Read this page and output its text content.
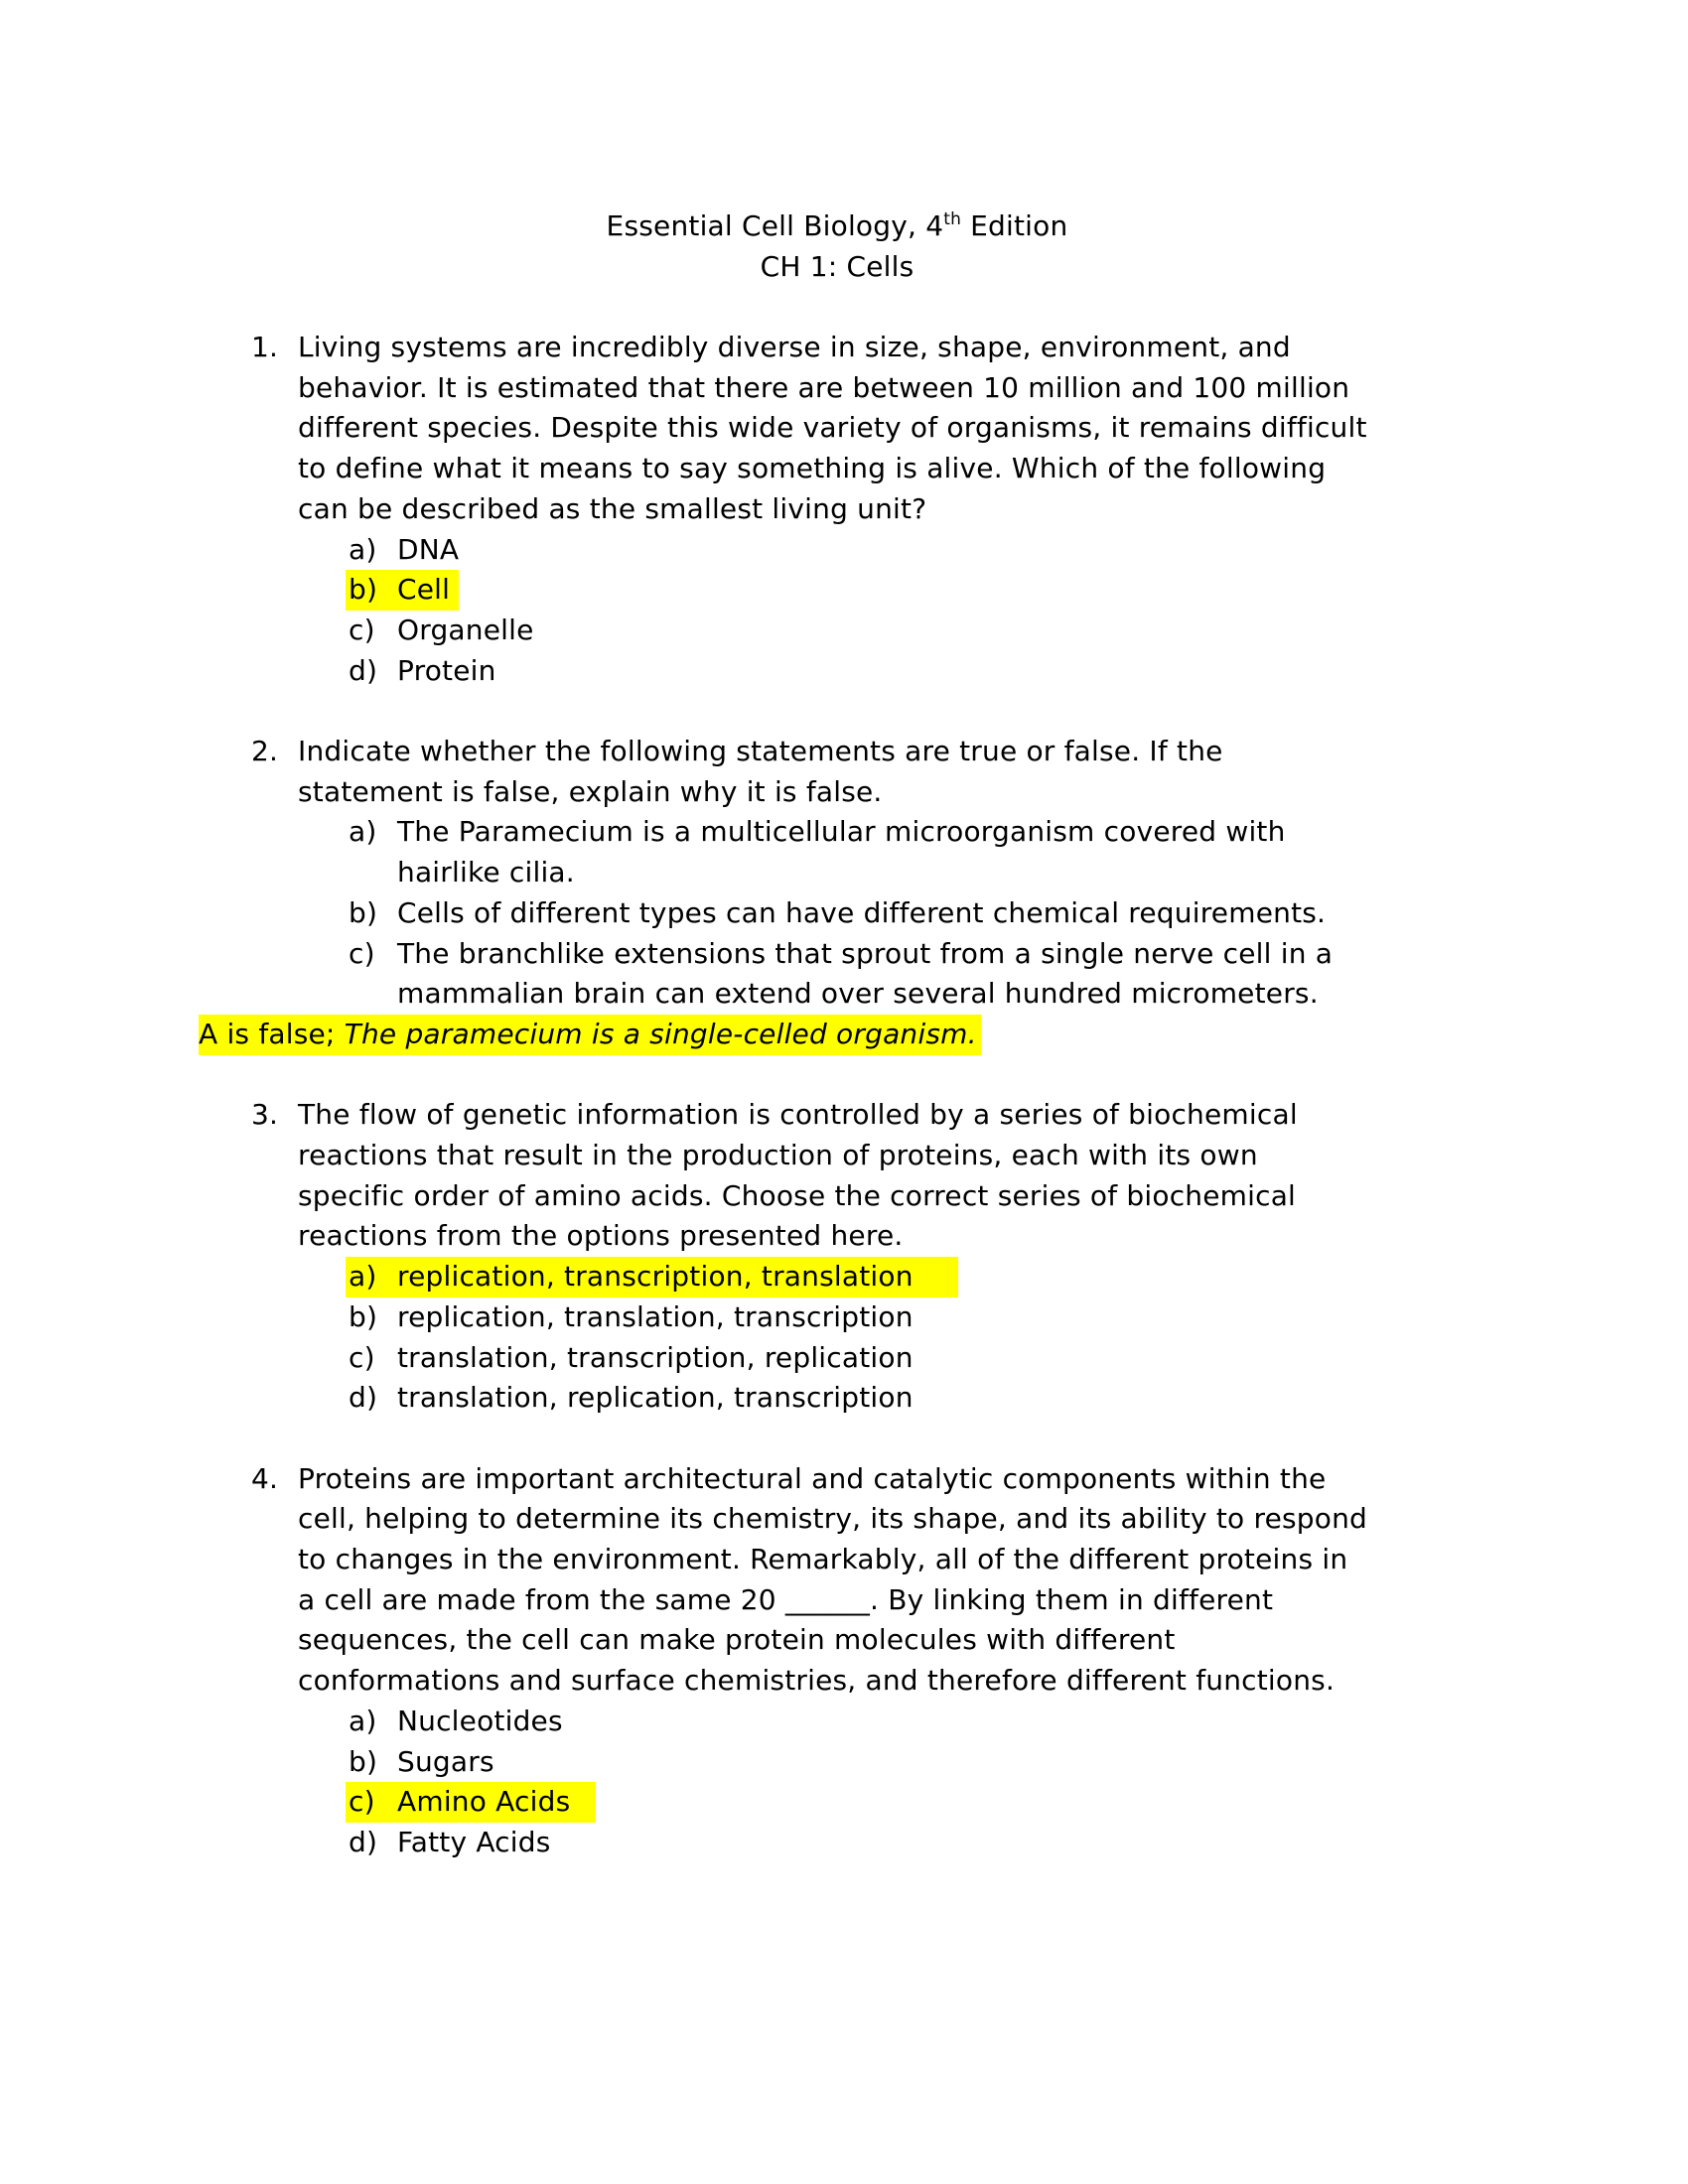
Essential Cell Biology, 4th Edition
CH 1: Cells
1. Living systems are incredibly diverse in size, shape, environment, and
behavior. It is estimated that there are between 10 million and 100 million
different species. Despite this wide variety of organisms, it remains difficult
to define what it means to say something is alive. Which of the following
can be described as the smallest living unit?
a) DNA
b) Cell
c) Organelle
d) Protein
2. Indicate whether the following statements are true or false. If the
statement is false, explain why it is false.
a) The Paramecium is a multicellular microorganism covered with
hairlike cilia.
b) Cells of different types can have different chemical requirements.
c) The branchlike extensions that sprout from a single nerve cell in a
mammalian brain can extend over several hundred micrometers.
A is false; The paramecium is a single-celled organism.
3. The flow of genetic information is controlled by a series of biochemical
reactions that result in the production of proteins, each with its own
specific order of amino acids. Choose the correct series of biochemical
reactions from the options presented here.
a) replication, transcription, translation
b) replication, translation, transcription
c) translation, transcription, replication
d) translation, replication, transcription
4. Proteins are important architectural and catalytic components within the
cell, helping to determine its chemistry, its shape, and its ability to respond
to changes in the environment. Remarkably, all of the different proteins in
a cell are made from the same 20 ______. By linking them in different
sequences, the cell can make protein molecules with different
conformations and surface chemistries, and therefore different functions.
a) Nucleotides
b) Sugars
c) Amino Acids
d) Fatty Acids
